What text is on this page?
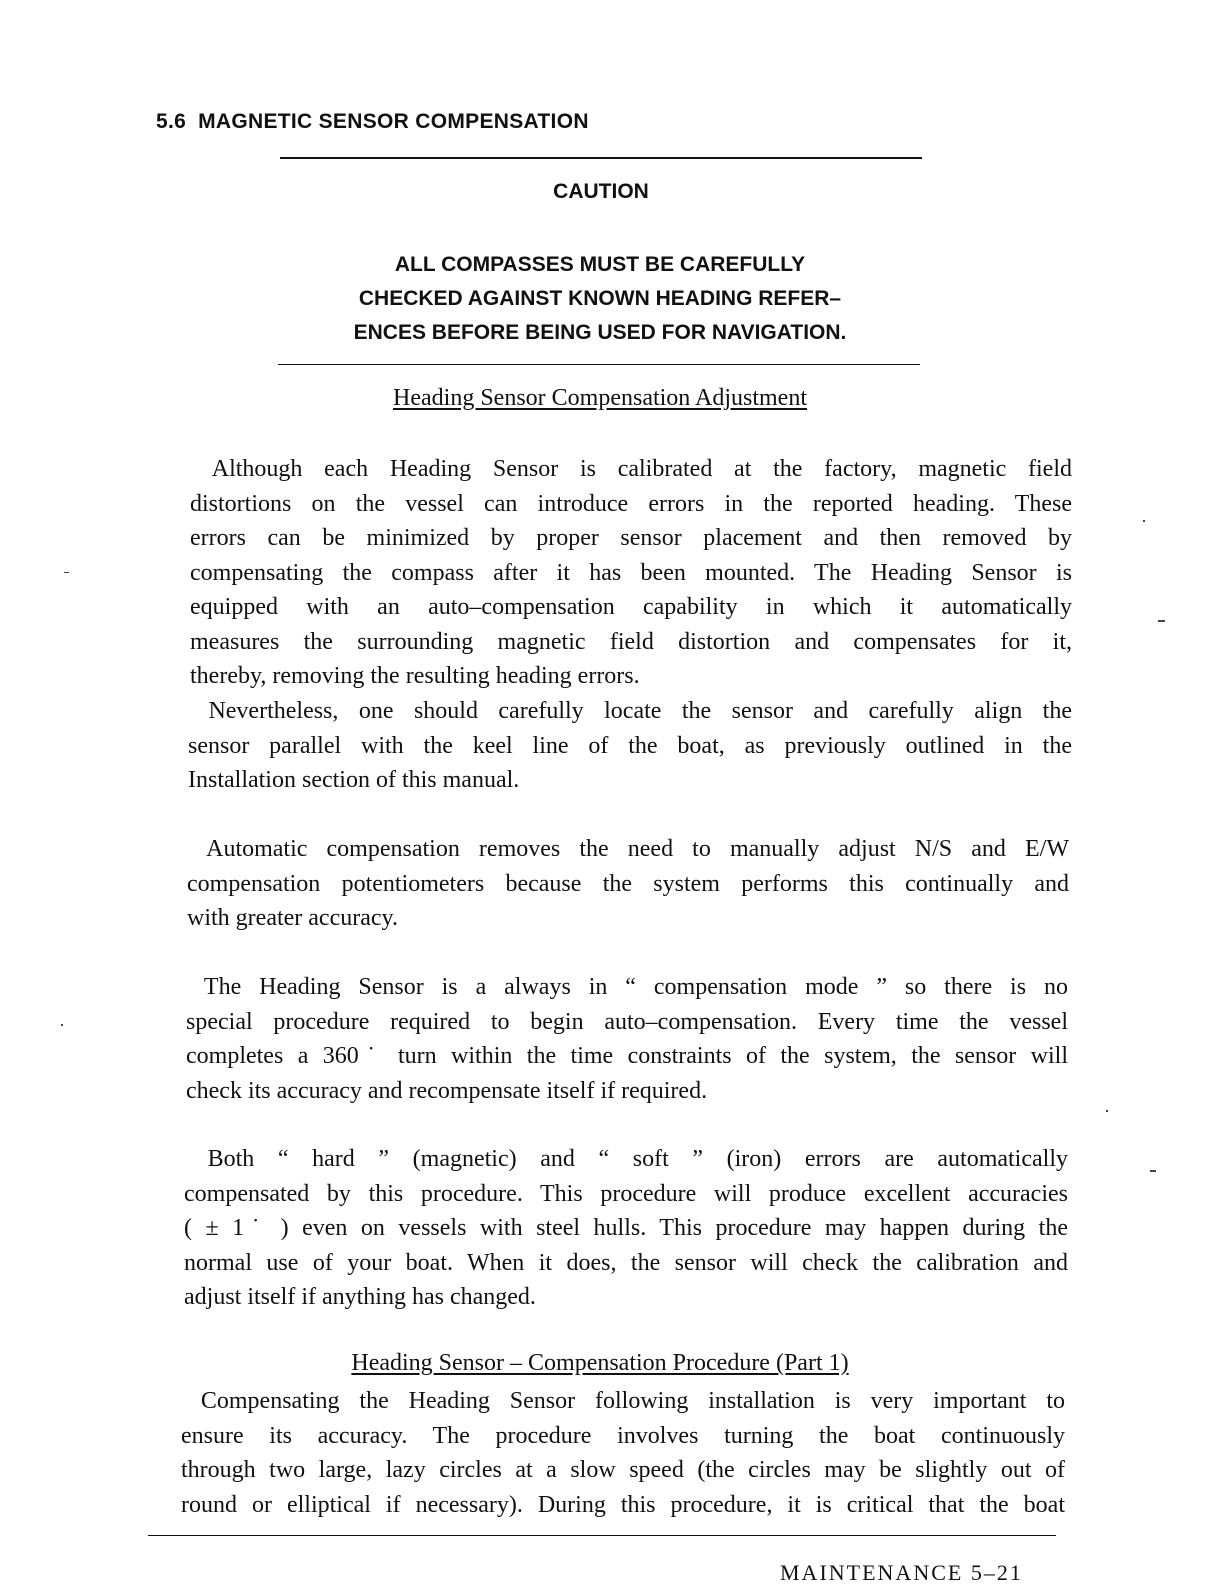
5.6 MAGNETIC SENSOR COMPENSATION
CAUTION
ALL COMPASSES MUST BE CAREFULLY
CHECKED AGAINST KNOWN HEADING REFER–
ENCES BEFORE BEING USED FOR NAVIGATION.
Heading Sensor Compensation Adjustment
Although each Heading Sensor is calibrated at the factory, magnetic field
distortions on the vessel can introduce errors in the reported heading. These
errors can be minimized by proper sensor placement and then removed by
compensating the compass after it has been mounted. The Heading Sensor is
equipped with an auto–compensation capability in which it automatically
measures the surrounding magnetic field distortion and compensates for it,
thereby, removing the resulting heading errors.
Nevertheless, one should carefully locate the sensor and carefully align the
sensor parallel with the keel line of the boat, as previously outlined in the
Installation section of this manual.
Automatic compensation removes the need to manually adjust N/S and E/W
compensation potentiometers because the system performs this continually and
with greater accuracy.
The Heading Sensor is a always in “ compensation mode ” so there is no
special procedure required to begin auto–compensation. Every time the vessel
completes a 360˙ turn within the time constraints of the system, the sensor will
check its accuracy and recompensate itself if required.
Both “ hard ” (magnetic) and “ soft ” (iron) errors are automatically
compensated by this procedure. This procedure will produce excellent accuracies
( ± 1˙ ) even on vessels with steel hulls. This procedure may happen during the
normal use of your boat. When it does, the sensor will check the calibration and
adjust itself if anything has changed.
Heading Sensor – Compensation Procedure (Part 1)
Compensating the Heading Sensor following installation is very important to
ensure its accuracy. The procedure involves turning the boat continuously
through two large, lazy circles at a slow speed (the circles may be slightly out of
round or elliptical if necessary). During this procedure, it is critical that the boat
MAINTENANCE 5–21
